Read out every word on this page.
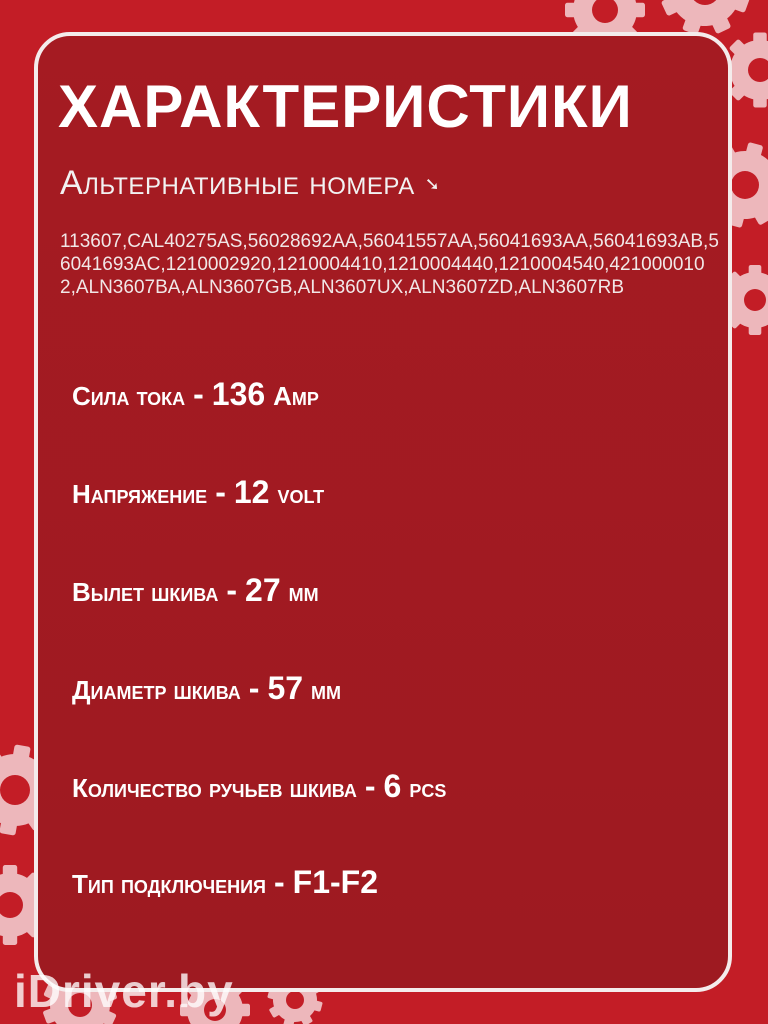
ХАРАКТЕРИСТИКИ
Альтернативные номера ➘
113607,CAL40275AS,56028692AA,56041557AA,56041693AA,56041693AB,56041693AC,1210002920,1210004410,1210004440,1210004540,4210000102,ALN3607BA,ALN3607GB,ALN3607UX,ALN3607ZD,ALN3607RB
Сила тока - 136 Amp
Напряжение - 12 volt
Вылет шкива - 27 мм
Диаметр шкива - 57 мм
Количество ручьев шкива - 6 pcs
Тип подключения - F1-F2
iDriver.by
